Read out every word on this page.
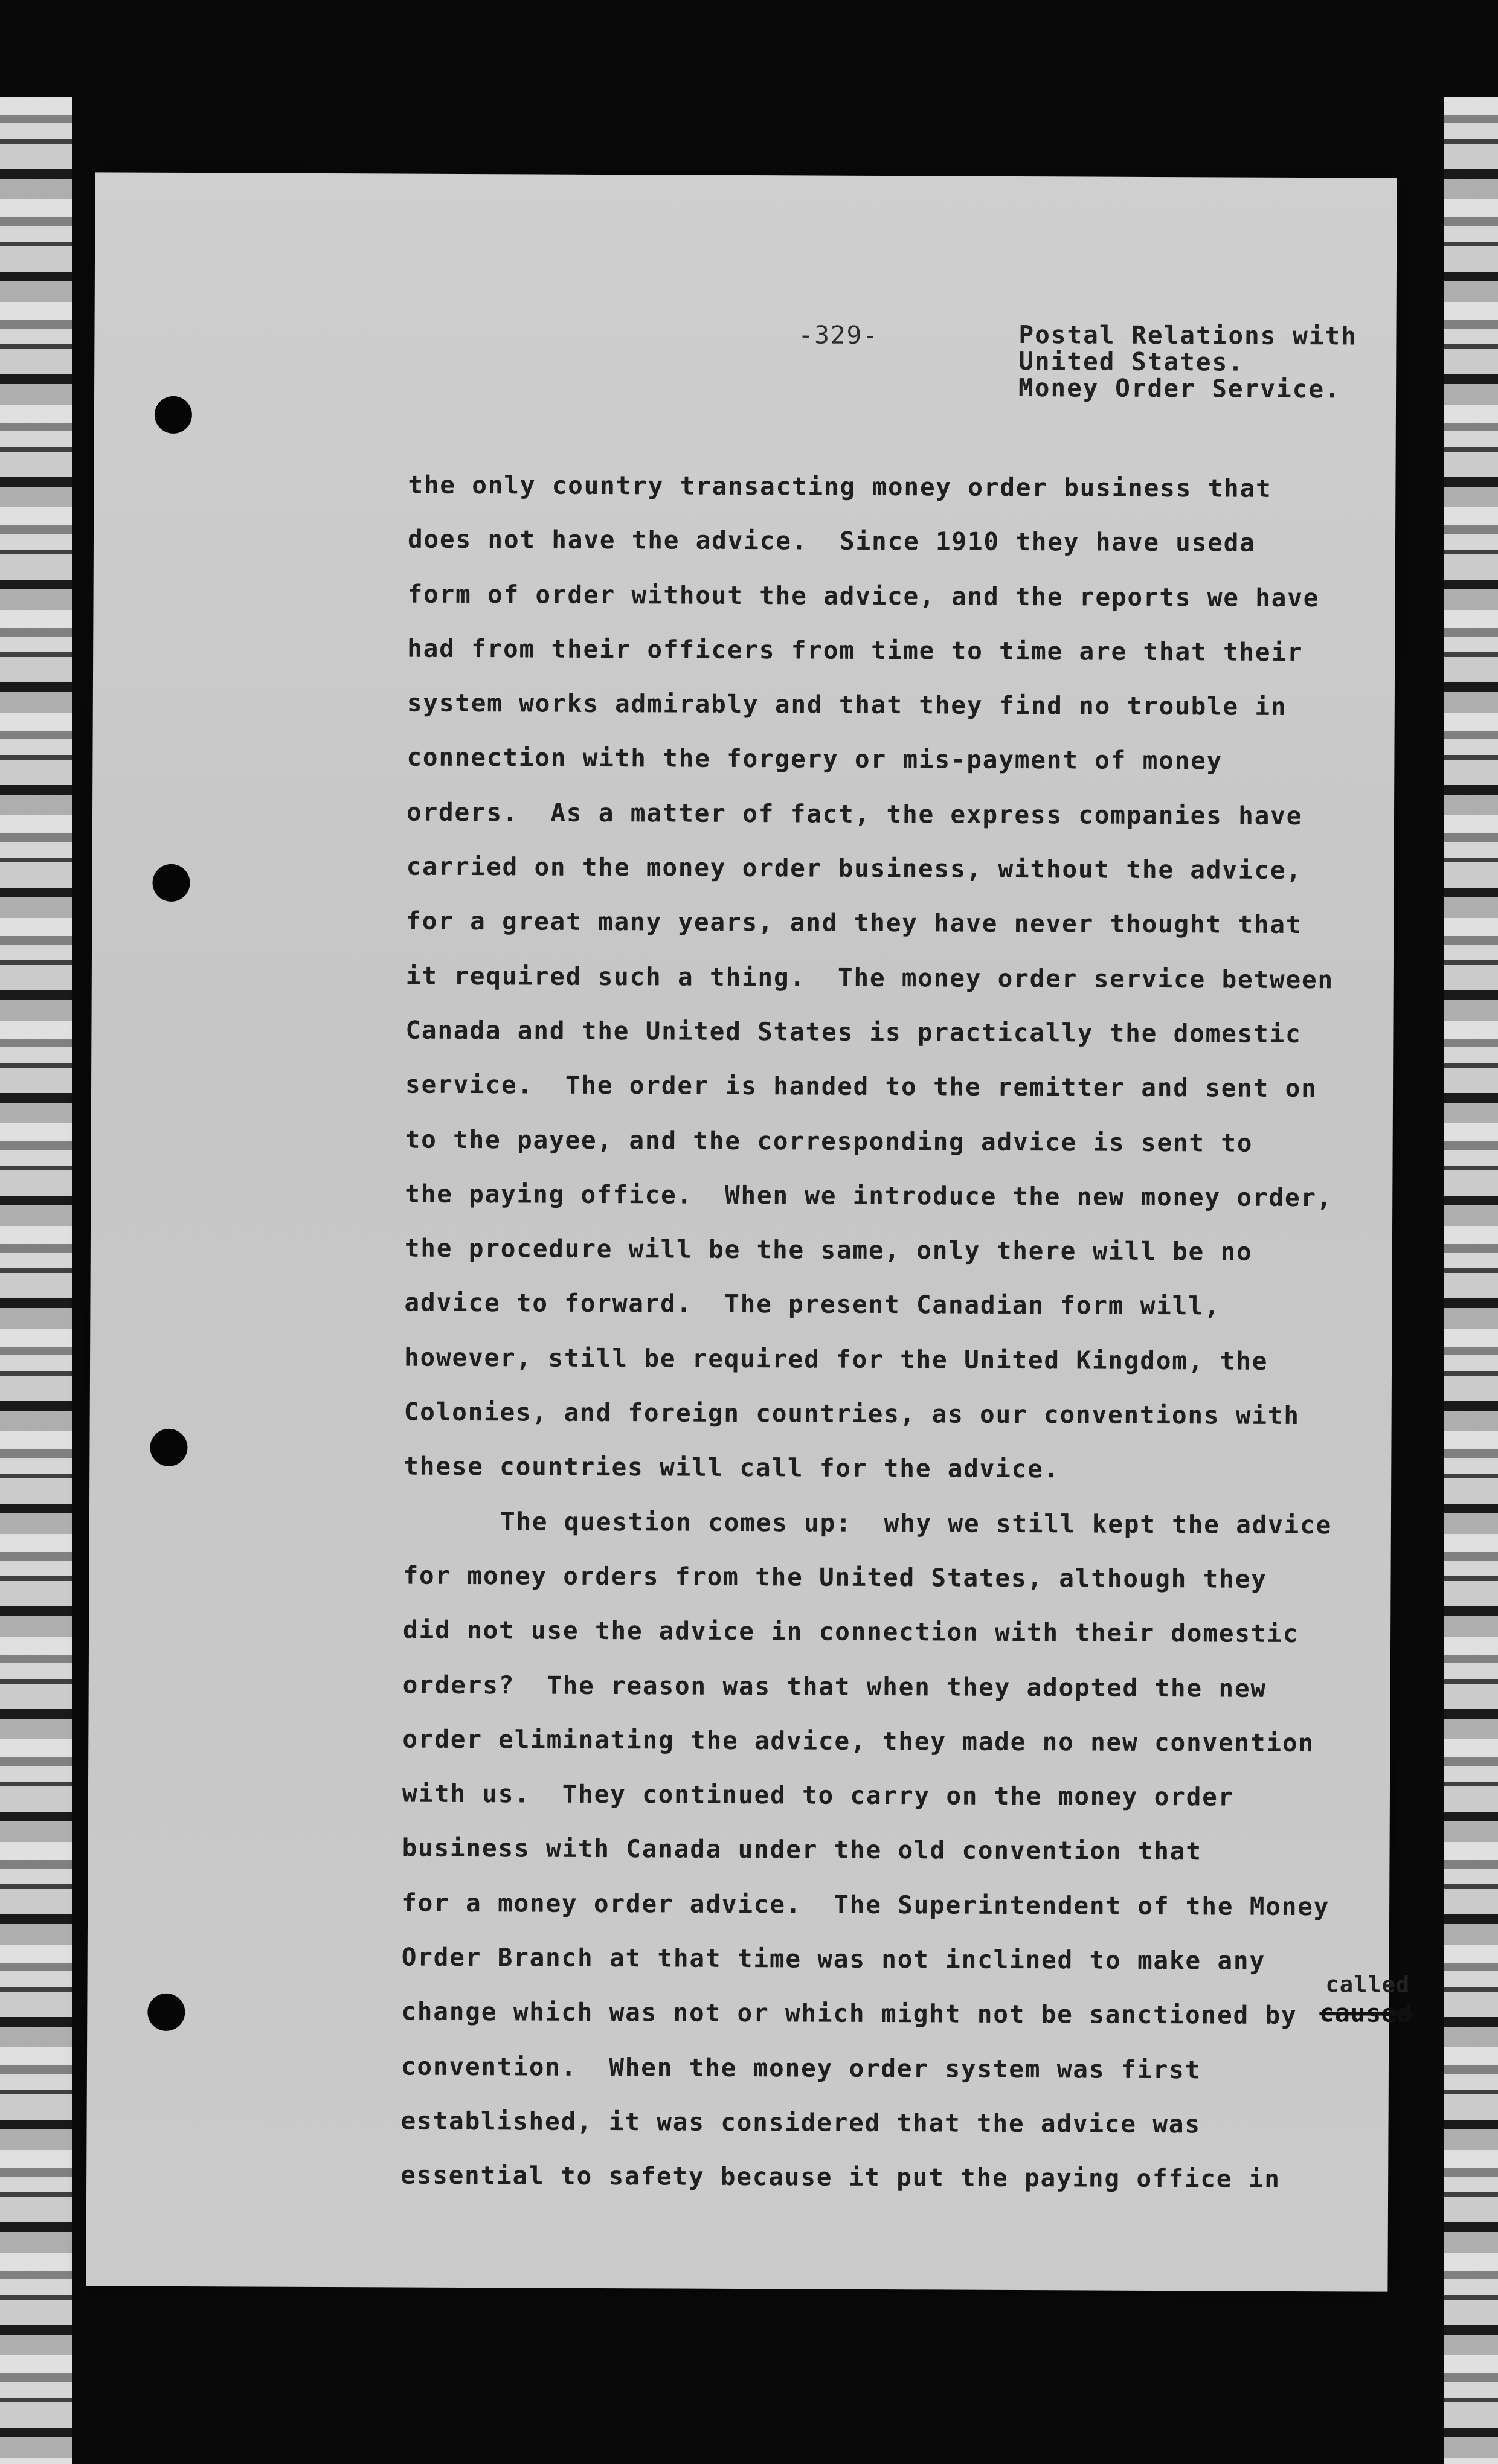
-329-	Postal Relations with
United States.
Money Order Service.
the only country transacting money order business that
does not have the advice.  Since 1910 they have useda
form of order without the advice, and the reports we have
had from their officers from time to time are that their
system works admirably and that they find no trouble in
connection with the forgery or mis-payment of money
orders.  As a matter of fact, the express companies have
carried on the money order business, without the advice,
for a great many years, and they have never thought that
it required such a thing.  The money order service between
Canada and the United States is practically the domestic
service.  The order is handed to the remitter and sent on
to the payee, and the corresponding advice is sent to
the paying office.  When we introduce the new money order,
the procedure will be the same, only there will be no
advice to forward.  The present Canadian form will,
however, still be required for the United Kingdom, the
Colonies, and foreign countries, as our conventions with
these countries will call for the advice.
The question comes up:  why we still kept the advice
for money orders from the United States, although they
did not use the advice in connection with their domestic
orders?  The reason was that when they adopted the new
order eliminating the advice, they made no new convention
with us.  They continued to carry on the money order
business with Canada under the old convention that
for a money order advice.  The Superintendent of the Money
Order Branch at that time was not inclined to make any
change which was not or which might not be sanctioned by
convention.  When the money order system was first
established, it was considered that the advice was
essential to safety because it put the paying office in
called
caused
